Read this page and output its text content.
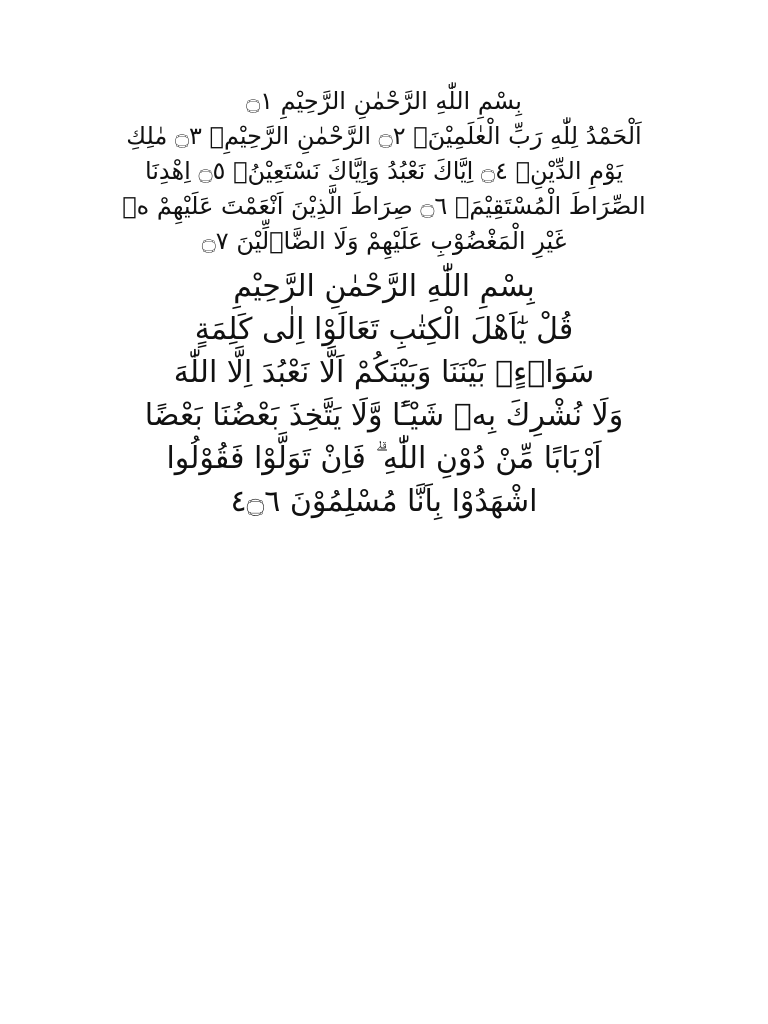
بِسْمِ اللّٰهِ الرَّحْمٰنِ الرَّحِيْمِ ۝١
اَلْحَمْدُ لِلّٰهِ رَبِّ الْعٰلَمِيْنَۙ ۝٢ الرَّحْمٰنِ الرَّحِيْمِۙ ۝٣ مٰلِكِ
يَوْمِ الدِّيْنِۗ ۝٤ اِيَّاكَ نَعْبُدُ وَاِيَّاكَ نَسْتَعِيْنُۗ ۝٥ اِهْدِنَا
الصِّرَاطَ الْمُسْتَقِيْمَۙ ۝٦ صِرَاطَ الَّذِيْنَ اَنْعَمْتَ عَلَيْهِمْ ەۙ
غَيْرِ الْمَغْضُوْبِ عَلَيْهِمْ وَلَا الضَّاۤلِّيْنَ ۝٧
بِسْمِ اللّٰهِ الرَّحْمٰنِ الرَّحِيْمِ
قُلْ يٰٓاَهْلَ الْكِتٰبِ تَعَالَوْا اِلٰى كَلِمَةٍ
سَوَاۤءٍۢ بَيْنَنَا وَبَيْنَكُمْ اَلَّا نَعْبُدَ اِلَّا اللّٰهَ
وَلَا نُشْرِكَ بِهٖ شَيْـًٔا وَّلَا يَتَّخِذَ بَعْضُنَا بَعْضًا
اَرْبَابًا مِّنْ دُوْنِ اللّٰهِ ۗ فَاِنْ تَوَلَّوْا فَقُوْلُوا
اشْهَدُوْا بِاَنَّا مُسْلِمُوْنَ ٤۝٦
